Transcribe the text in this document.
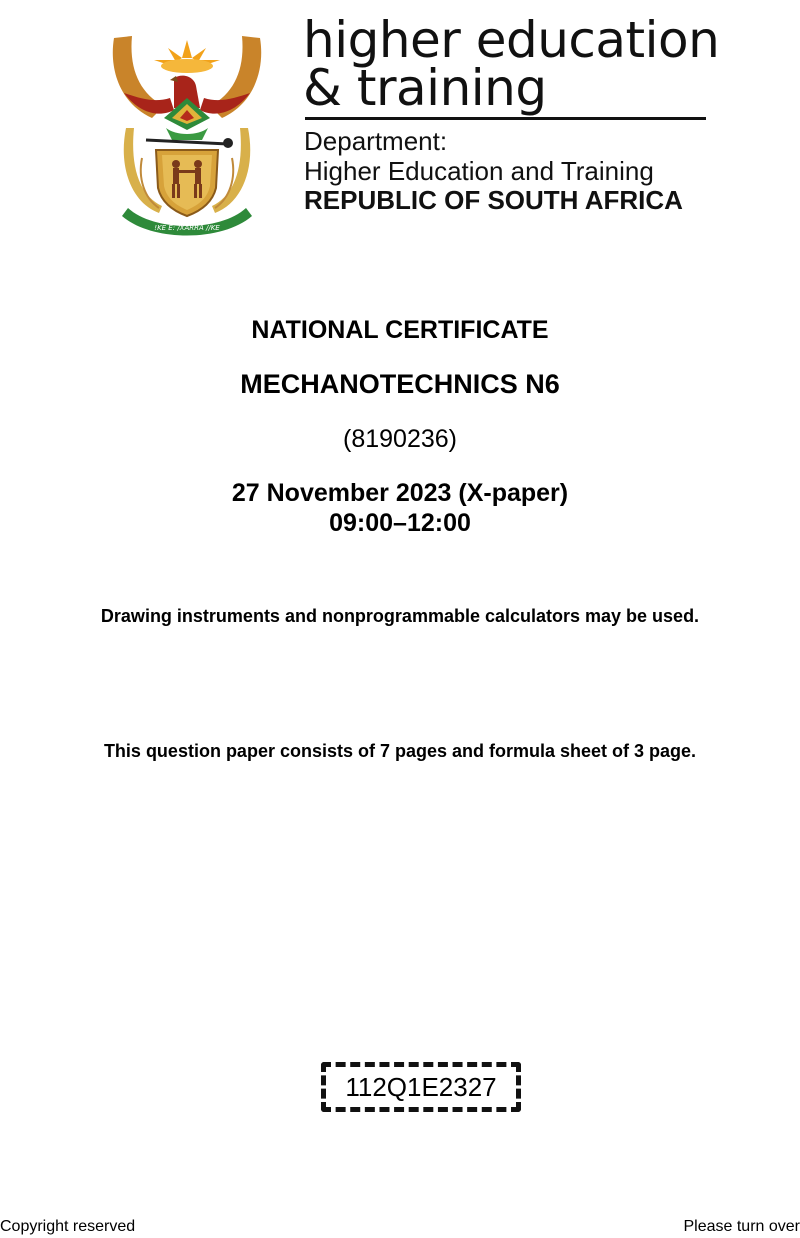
!KE E: /XARRA //KE
higher education
& training
Department:
Higher Education and Training
REPUBLIC OF SOUTH AFRICA
NATIONAL CERTIFICATE
MECHANOTECHNICS N6
(8190236)
27 November 2023 (X-paper)
09:00–12:00
Drawing instruments and nonprogrammable calculators may be used.
This question paper consists of 7 pages and formula sheet of 3 page.
112Q1E2327
Copyright reserved	Please turn over
